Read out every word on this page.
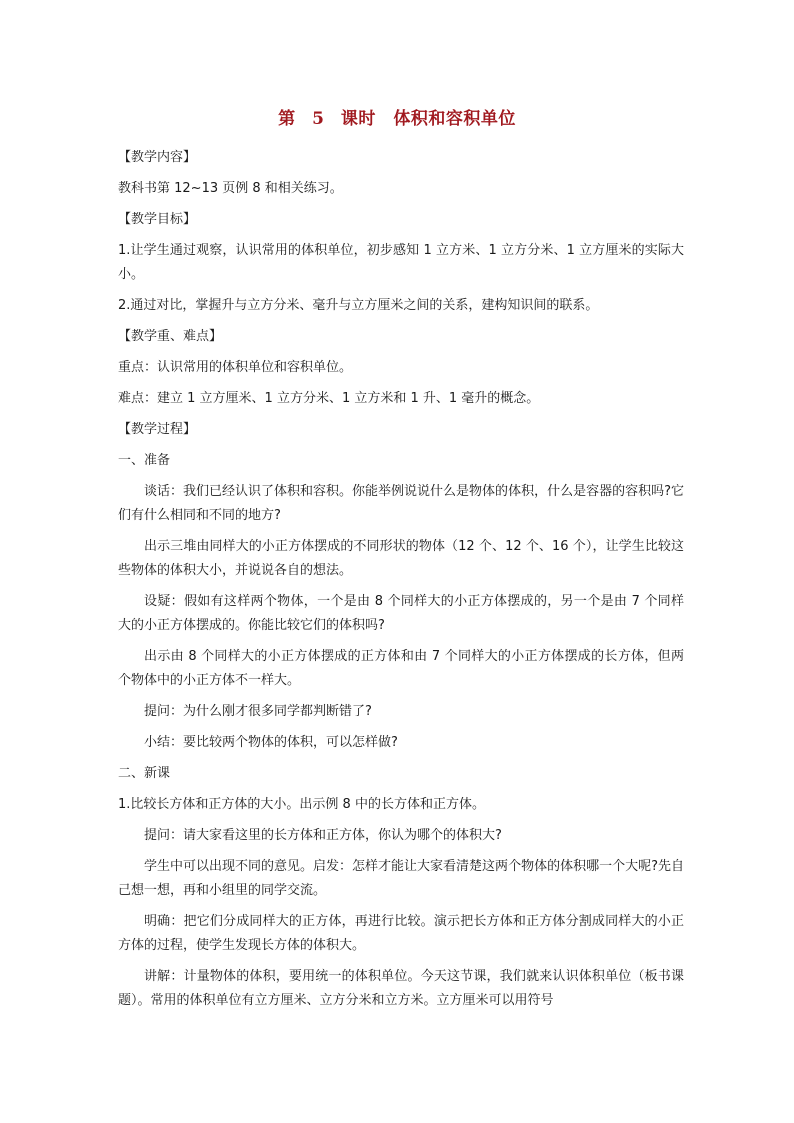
第 5 课时　体积和容积单位
【教学内容】
教科书第 12~13 页例 8 和相关练习。
【教学目标】
1.让学生通过观察，认识常用的体积单位，初步感知 1 立方米、1 立方分米、1 立方厘米的实际大小。
2.通过对比，掌握升与立方分米、毫升与立方厘米之间的关系，建构知识间的联系。
【教学重、难点】
重点：认识常用的体积单位和容积单位。
难点：建立 1 立方厘米、1 立方分米、1 立方米和 1 升、1 毫升的概念。
【教学过程】
一、准备
谈话：我们已经认识了体积和容积。你能举例说说什么是物体的体积，什么是容器的容积吗?它们有什么相同和不同的地方?
出示三堆由同样大的小正方体摆成的不同形状的物体（12 个、12 个、16 个），让学生比较这些物体的体积大小，并说说各自的想法。
设疑：假如有这样两个物体，一个是由 8 个同样大的小正方体摆成的，另一个是由 7 个同样大的小正方体摆成的。你能比较它们的体积吗?
出示由 8 个同样大的小正方体摆成的正方体和由 7 个同样大的小正方体摆成的长方体，但两个物体中的小正方体不一样大。
提问：为什么刚才很多同学都判断错了?
小结：要比较两个物体的体积，可以怎样做?
二、新课
1.比较长方体和正方体的大小。出示例 8 中的长方体和正方体。
提问：请大家看这里的长方体和正方体，你认为哪个的体积大?
学生中可以出现不同的意见。启发：怎样才能让大家看清楚这两个物体的体积哪一个大呢?先自己想一想，再和小组里的同学交流。
明确：把它们分成同样大的正方体，再进行比较。演示把长方体和正方体分割成同样大的小正方体的过程，使学生发现长方体的体积大。
讲解：计量物体的体积，要用统一的体积单位。今天这节课，我们就来认识体积单位（板书课题）。常用的体积单位有立方厘米、立方分米和立方米。立方厘米可以用符号
